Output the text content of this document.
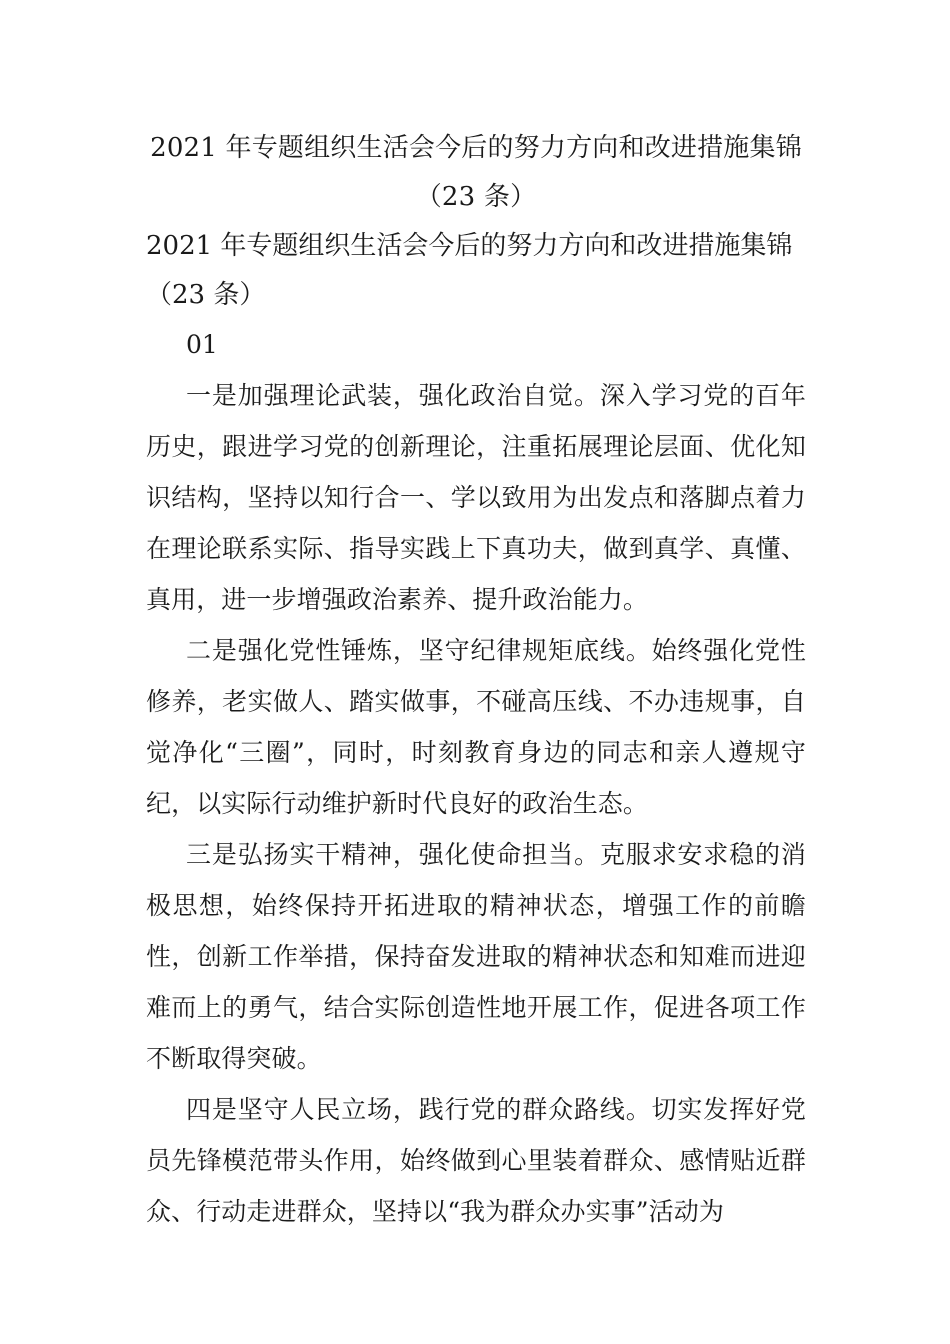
2021 年专题组织生活会今后的努力方向和改进措施集锦（23 条）
2021 年专题组织生活会今后的努力方向和改进措施集锦（23 条）

01

一是加强理论武装，强化政治自觉。深入学习党的百年历史，跟进学习党的创新理论，注重拓展理论层面、优化知识结构，坚持以知行合一、学以致用为出发点和落脚点着力在理论联系实际、指导实践上下真功夫，做到真学、真懂、真用，进一步增强政治素养、提升政治能力。

二是强化党性锤炼，坚守纪律规矩底线。始终强化党性修养，老实做人、踏实做事，不碰高压线、不办违规事，自觉净化“三圈”，同时，时刻教育身边的同志和亲人遵规守纪，以实际行动维护新时代良好的政治生态。

三是弘扬实干精神，强化使命担当。克服求安求稳的消极思想，始终保持开拓进取的精神状态，增强工作的前瞻性，创新工作举措，保持奋发进取的精神状态和知难而进迎难而上的勇气，结合实际创造性地开展工作，促进各项工作不断取得突破。

四是坚守人民立场，践行党的群众路线。切实发挥好党员先锋模范带头作用，始终做到心里装着群众、感情贴近群众、行动走进群众，坚持以“我为群众办实事”活动为
